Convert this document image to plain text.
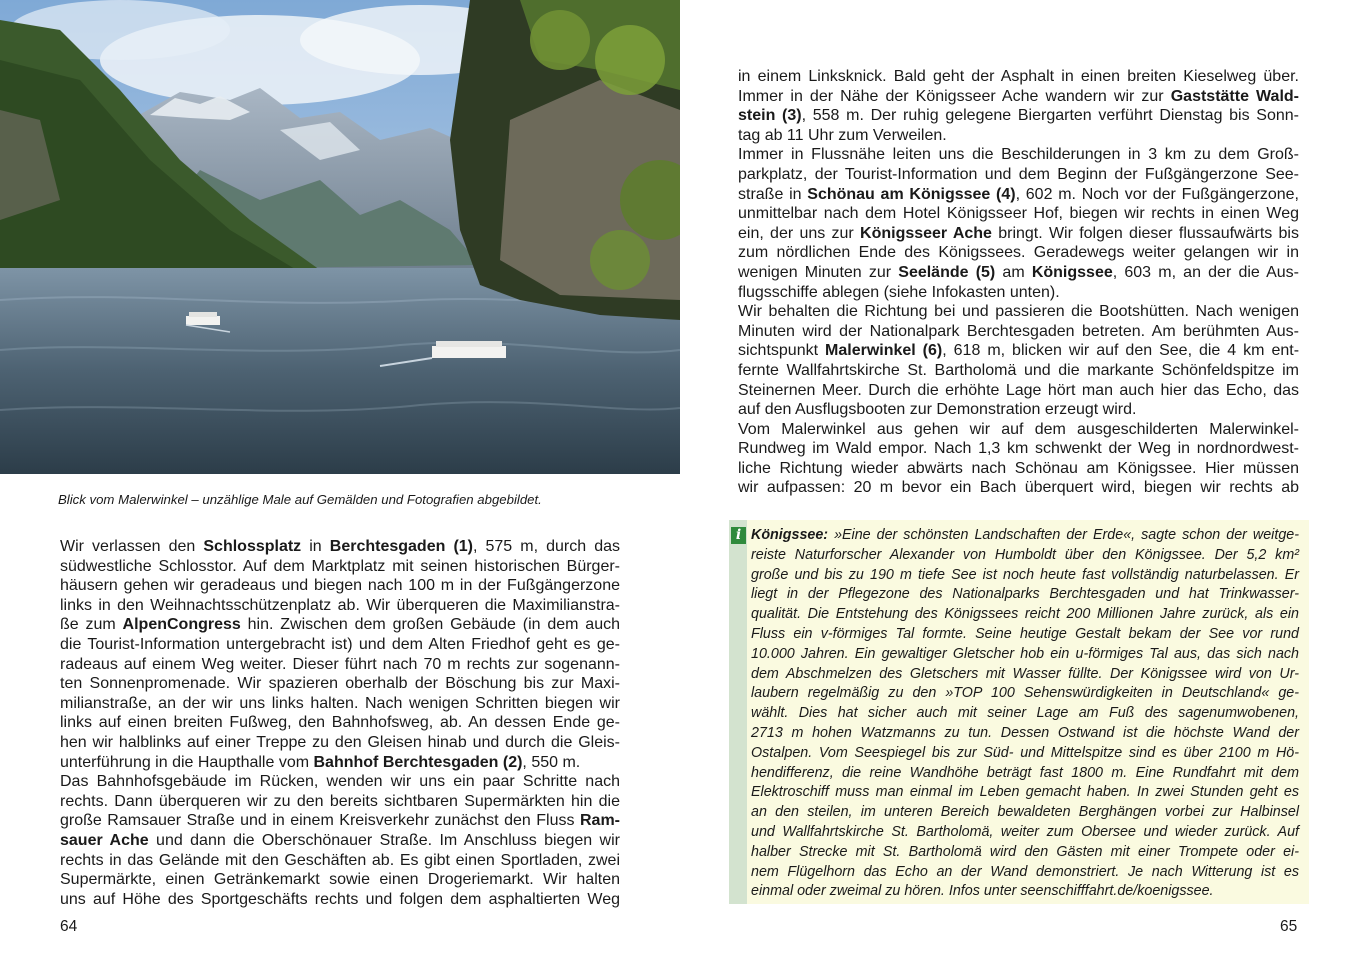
Blick vom Malerwinkel – unzählige Male auf Gemälden und Fotografien abgebildet.
Wir verlassen den Schlossplatz in Berchtesgaden (1), 575 m, durch das
südwestliche Schlosstor. Auf dem Marktplatz mit seinen historischen Bürger-
häusern gehen wir geradeaus und biegen nach 100 m in der Fußgängerzone
links in den Weihnachtsschützenplatz ab. Wir überqueren die Maximilianstra-
ße zum AlpenCongress hin. Zwischen dem großen Gebäude (in dem auch
die Tourist-Information untergebracht ist) und dem Alten Friedhof geht es ge-
radeaus auf einem Weg weiter. Dieser führt nach 70 m rechts zur sogenann-
ten Sonnenpromenade. Wir spazieren oberhalb der Böschung bis zur Maxi-
milianstraße, an der wir uns links halten. Nach wenigen Schritten biegen wir
links auf einen breiten Fußweg, den Bahnhofsweg, ab. An dessen Ende ge-
hen wir halblinks auf einer Treppe zu den Gleisen hinab und durch die Gleis-
unterführung in die Haupthalle vom Bahnhof Berchtesgaden (2), 550 m.
Das Bahnhofsgebäude im Rücken, wenden wir uns ein paar Schritte nach
rechts. Dann überqueren wir zu den bereits sichtbaren Supermärkten hin die
große Ramsauer Straße und in einem Kreisverkehr zunächst den Fluss Ram-
sauer Ache und dann die Oberschönauer Straße. Im Anschluss biegen wir
rechts in das Gelände mit den Geschäften ab. Es gibt einen Sportladen, zwei
Supermärkte, einen Getränkemarkt sowie einen Drogeriemarkt. Wir halten
uns auf Höhe des Sportgeschäfts rechts und folgen dem asphaltierten Weg
in einem Linksknick. Bald geht der Asphalt in einen breiten Kieselweg über.
Immer in der Nähe der Königsseer Ache wandern wir zur Gaststätte Wald-
stein (3), 558 m. Der ruhig gelegene Biergarten verführt Dienstag bis Sonn-
tag ab 11 Uhr zum Verweilen.
Immer in Flussnähe leiten uns die Beschilderungen in 3 km zu dem Groß-
parkplatz, der Tourist-Information und dem Beginn der Fußgängerzone See-
straße in Schönau am Königssee (4), 602 m. Noch vor der Fußgängerzone,
unmittelbar nach dem Hotel Königsseer Hof, biegen wir rechts in einen Weg
ein, der uns zur Königsseer Ache bringt. Wir folgen dieser flussaufwärts bis
zum nördlichen Ende des Königssees. Geradewegs weiter gelangen wir in
wenigen Minuten zur Seelände (5) am Königssee, 603 m, an der die Aus-
flugsschiffe ablegen (siehe Infokasten unten).
Wir behalten die Richtung bei und passieren die Bootshütten. Nach wenigen
Minuten wird der Nationalpark Berchtesgaden betreten. Am berühmten Aus-
sichtspunkt Malerwinkel (6), 618 m, blicken wir auf den See, die 4 km ent-
fernte Wallfahrtskirche St. Bartholomä und die markante Schönfeldspitze im
Steinernen Meer. Durch die erhöhte Lage hört man auch hier das Echo, das
auf den Ausflugsbooten zur Demonstration erzeugt wird.
Vom Malerwinkel aus gehen wir auf dem ausgeschilderten Malerwinkel-
Rundweg im Wald empor. Nach 1,3 km schwenkt der Weg in nordnordwest-
liche Richtung wieder abwärts nach Schönau am Königssee. Hier müssen
wir aufpassen: 20 m bevor ein Bach überquert wird, biegen wir rechts ab
i Königssee: »Eine der schönsten Landschaften der Erde«, sagte schon der weitge-
reiste Naturforscher Alexander von Humboldt über den Königssee. Der 5,2 km²
große und bis zu 190 m tiefe See ist noch heute fast vollständig naturbelassen. Er
liegt in der Pflegezone des Nationalparks Berchtesgaden und hat Trinkwasser-
qualität. Die Entstehung des Königssees reicht 200 Millionen Jahre zurück, als ein
Fluss ein v-förmiges Tal formte. Seine heutige Gestalt bekam der See vor rund
10.000 Jahren. Ein gewaltiger Gletscher hob ein u-förmiges Tal aus, das sich nach
dem Abschmelzen des Gletschers mit Wasser füllte. Der Königssee wird von Ur-
laubern regelmäßig zu den »TOP 100 Sehenswürdigkeiten in Deutschland« ge-
wählt. Dies hat sicher auch mit seiner Lage am Fuß des sagenumwobenen,
2713 m hohen Watzmanns zu tun. Dessen Ostwand ist die höchste Wand der
Ostalpen. Vom Seespiegel bis zur Süd- und Mittelspitze sind es über 2100 m Hö-
hendifferenz, die reine Wandhöhe beträgt fast 1800 m. Eine Rundfahrt mit dem
Elektroschiff muss man einmal im Leben gemacht haben. In zwei Stunden geht es
an den steilen, im unteren Bereich bewaldeten Berghängen vorbei zur Halbinsel
und Wallfahrtskirche St. Bartholomä, weiter zum Obersee und wieder zurück. Auf
halber Strecke mit St. Bartholomä wird den Gästen mit einer Trompete oder ei-
nem Flügelhorn das Echo an der Wand demonstriert. Je nach Witterung ist es
einmal oder zweimal zu hören. Infos unter seenschifffahrt.de/koenigssee.
64	65
